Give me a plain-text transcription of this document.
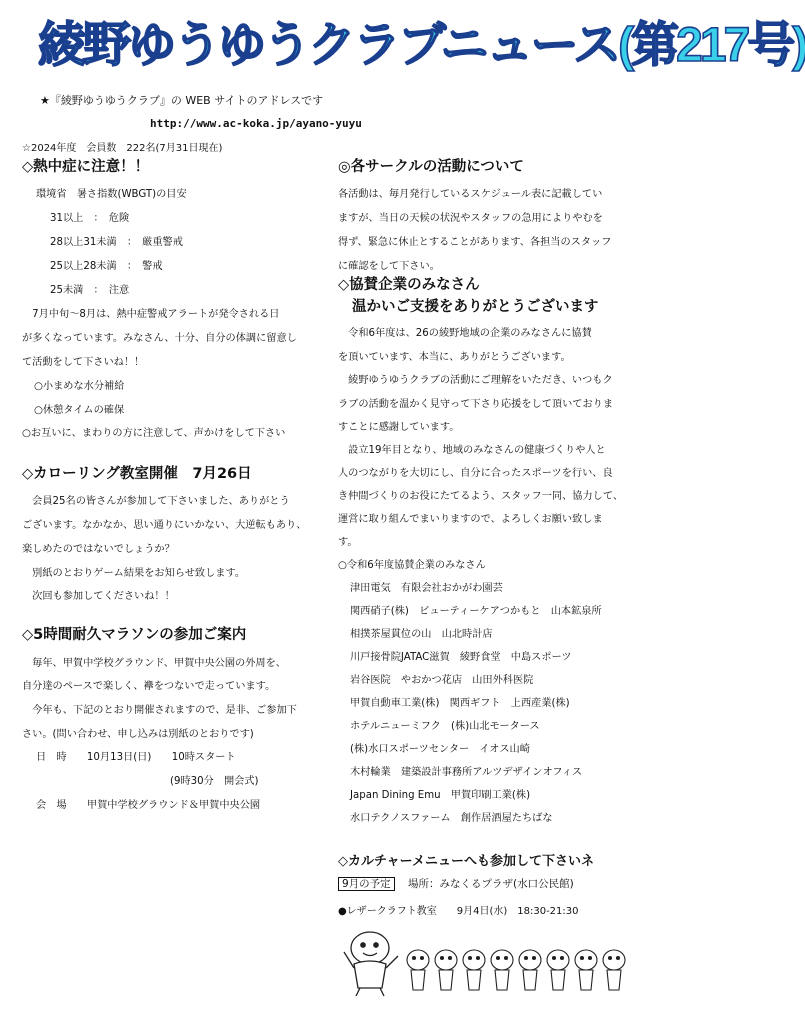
綾野ゆうゆうクラブニュース(第217号)
★『綾野ゆうゆうクラブ』の WEB サイトのアドレスです
http://www.ac-koka.jp/ayano-yuyu
☆2024年度　会員数　222名(7月31日現在)
◇熱中症に注意！！
環境省　暑さ指数(WBGT)の目安
31以上　：　危険
28以上31未満　：　厳重警戒
25以上28未満　：　警戒
25未満　：　注意
　7月中旬～8月は、熱中症警戒アラートが発令される日
が多くなっています。みなさん、十分、自分の体調に留意し
て活動をして下さいね！！
○小まめな水分補給
○休憩タイムの確保
○お互いに、まわりの方に注意して、声かけをして下さい
◇カローリング教室開催　7月26日
　会員25名の皆さんが参加して下さいました、ありがとう
ございます。なかなか、思い通りにいかない、大逆転もあり、
楽しめたのではないでしょうか？
　別紙のとおりゲーム結果をお知らせ致します。
　次回も参加してくださいね！！
◇5時間耐久マラソンの参加ご案内
　毎年、甲賀中学校グラウンド、甲賀中央公園の外周を、
自分達のペースで楽しく、襷をつないで走っています。
　今年も、下記のとおり開催されますので、是非、ご参加下
さい。(問い合わせ、申し込みは別紙のとおりです)
日　時　　10月13日(日)　　10時スタート
(9時30分　開会式)
会　場　　甲賀中学校グラウンド＆甲賀中央公園
◎各サークルの活動について
各活動は、毎月発行しているスケジュール表に記載してい
ますが、当日の天候の状況やスタッフの急用によりやむを
得ず、緊急に休止とすることがあります、各担当のスタッフ
に確認をして下さい。
◇協賛企業のみなさん
温かいご支援をありがとうございます
　令和6年度は、26の綾野地域の企業のみなさんに協賛
を頂いています、本当に、ありがとうございます。
　綾野ゆうゆうクラブの活動にご理解をいただき、いつもク
ラブの活動を温かく見守って下さり応援をして頂いておりま
すことに感謝しています。
　設立19年目となり、地域のみなさんの健康づくりや人と
人のつながりを大切にし、自分に合ったスポーツを行い、良
き仲間づくりのお役にたてるよう、スタッフ一同、協力して、
運営に取り組んでまいりますので、よろしくお願い致しま
す。
○令和6年度協賛企業のみなさん
津田電気　有限会社おかがわ園芸
関西硝子(株)　ビューティーケアつかもと　山本鉱泉所
相撲茶屋貫位の山　山北時計店
川戸接骨院JATAC滋賀　綾野食堂　中島スポーツ
岩谷医院　やおかつ花店　山田外科医院
甲賀自動車工業(株)　関西ギフト　上西産業(株)
ホテルニューミフク　(株)山北モータース
(株)水口スポーツセンター　イオス山崎
木村輪業　建築設計事務所アルツデザインオフィス
Japan Dining Emu　甲賀印刷工業(株)
水口テクノスファーム　創作居酒屋たちばな
◇カルチャーメニューへも参加して下さいネ
9月の予定 場所：みなくるプラザ(水口公民館)
●レザークラフト教室　　9月4日(水)　18:30-21:30
